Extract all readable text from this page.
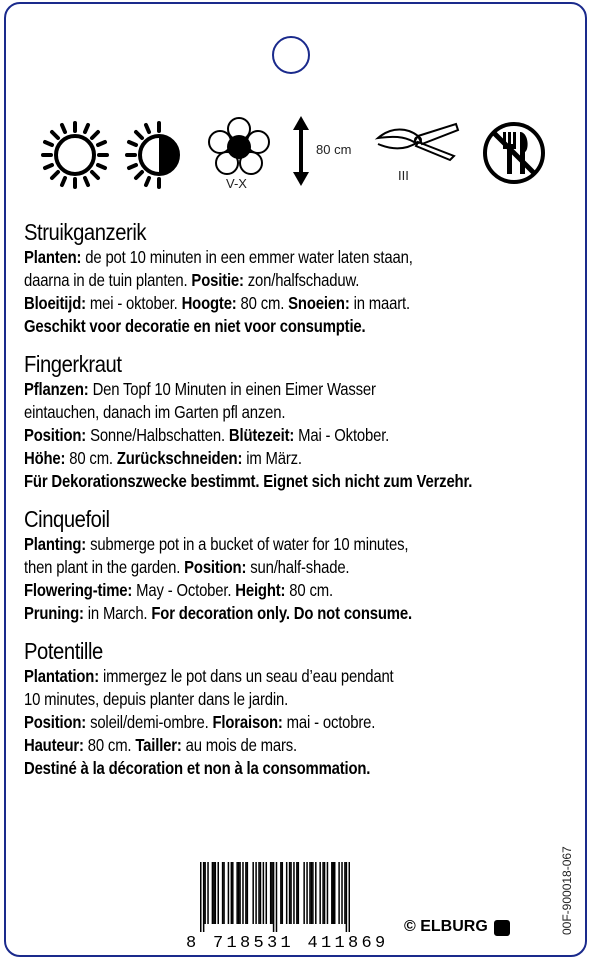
V-X
80 cm
III
Struikganzerik
Planten: de pot 10 minuten in een emmer water laten staan,
daarna in de tuin planten. Positie: zon/halfschaduw.
Bloeitijd: mei - oktober. Hoogte: 80 cm. Snoeien: in maart.
Geschikt voor decoratie en niet voor consumptie.
Fingerkraut
Pflanzen: Den Topf 10 Minuten in einen Eimer Wasser
eintauchen, danach im Garten pfl anzen.
Position: Sonne/Halbschatten. Blütezeit: Mai - Oktober.
Höhe: 80 cm. Zurückschneiden: im März.
Für Dekorationszwecke bestimmt. Eignet sich nicht zum Verzehr.
Cinquefoil
Planting: submerge pot in a bucket of water for 10 minutes,
then plant in the garden. Position: sun/half-shade.
Flowering-time: May - October. Height: 80 cm.
Pruning: in March. For decoration only. Do not consume.
Potentille
Plantation: immergez le pot dans un seau d’eau pendant
10 minutes, depuis planter dans le jardin.
Position: soleil/demi-ombre. Floraison: mai - octobre.
Hauteur: 80 cm. Tailler: au mois de mars.
Destiné à la décoration et non à la consommation.
8 718531 411869
© ELBURG	00F-900018-067
